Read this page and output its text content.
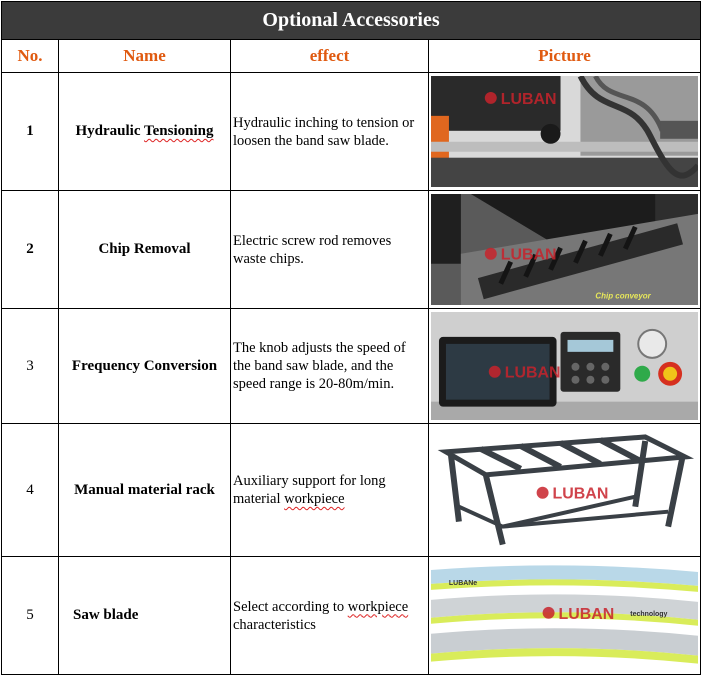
Optional Accessories			
No.	Name	effect	Picture
1	Hydraulic Tensioning	Hydraulic inching to tension or loosen the band saw blade.	LUBAN

2	Chip Removal	Electric screw rod removes waste chips.	LUBAN
Chip conveyor

3	Frequency Conversion	The knob adjusts the speed of the band saw blade, and the speed range is 20-80m/min.	LUBAN

4	Manual material rack	Auxiliary support for long material workpiece	LUBAN

5	Saw blade	Select according to workpiece characteristics	LUBANe
technology
LUBAN
